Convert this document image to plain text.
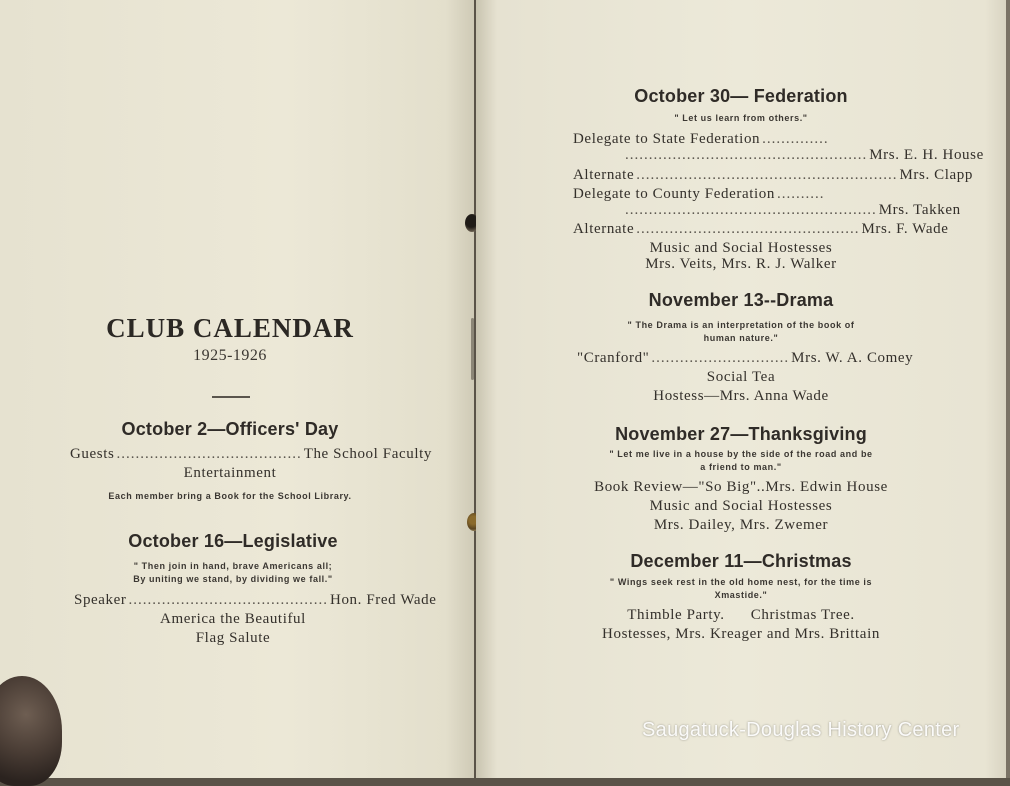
CLUB CALENDAR
1925-1926
October 2—Officers' Day
Guests ....................................... The School Faculty
Entertainment
Each member bring a Book for the School Library.
October 16—Legislative
" Then join in hand, brave Americans all;
By uniting we stand, by dividing we fall."
Speaker .......................................... Hon. Fred Wade
America the Beautiful
Flag Salute
October 30— Federation
" Let us learn from others."
Delegate to State Federation ..............
................................................... Mrs. E. H. House
Alternate ....................................................... Mrs. Clapp
Delegate to County Federation ..........
..................................................... Mrs. Takken
Alternate ............................................... Mrs. F. Wade
Music and Social Hostesses
Mrs. Veits, Mrs. R. J. Walker
November 13--Drama
" The Drama is an interpretation of the book of
human nature."
"Cranford" ............................. Mrs. W. A. Comey
Social Tea
Hostess—Mrs. Anna Wade
November 27—Thanksgiving
" Let me live in a house by the side of the road and be
a friend to man."
Book Review—"So Big"..Mrs. Edwin House
Music and Social Hostesses
Mrs. Dailey, Mrs. Zwemer
December 11—Christmas
" Wings seek rest in the old home nest, for the time is
Xmastide."
Thimble Party.      Christmas Tree.
Hostesses, Mrs. Kreager and Mrs. Brittain
Saugatuck-Douglas History Center
